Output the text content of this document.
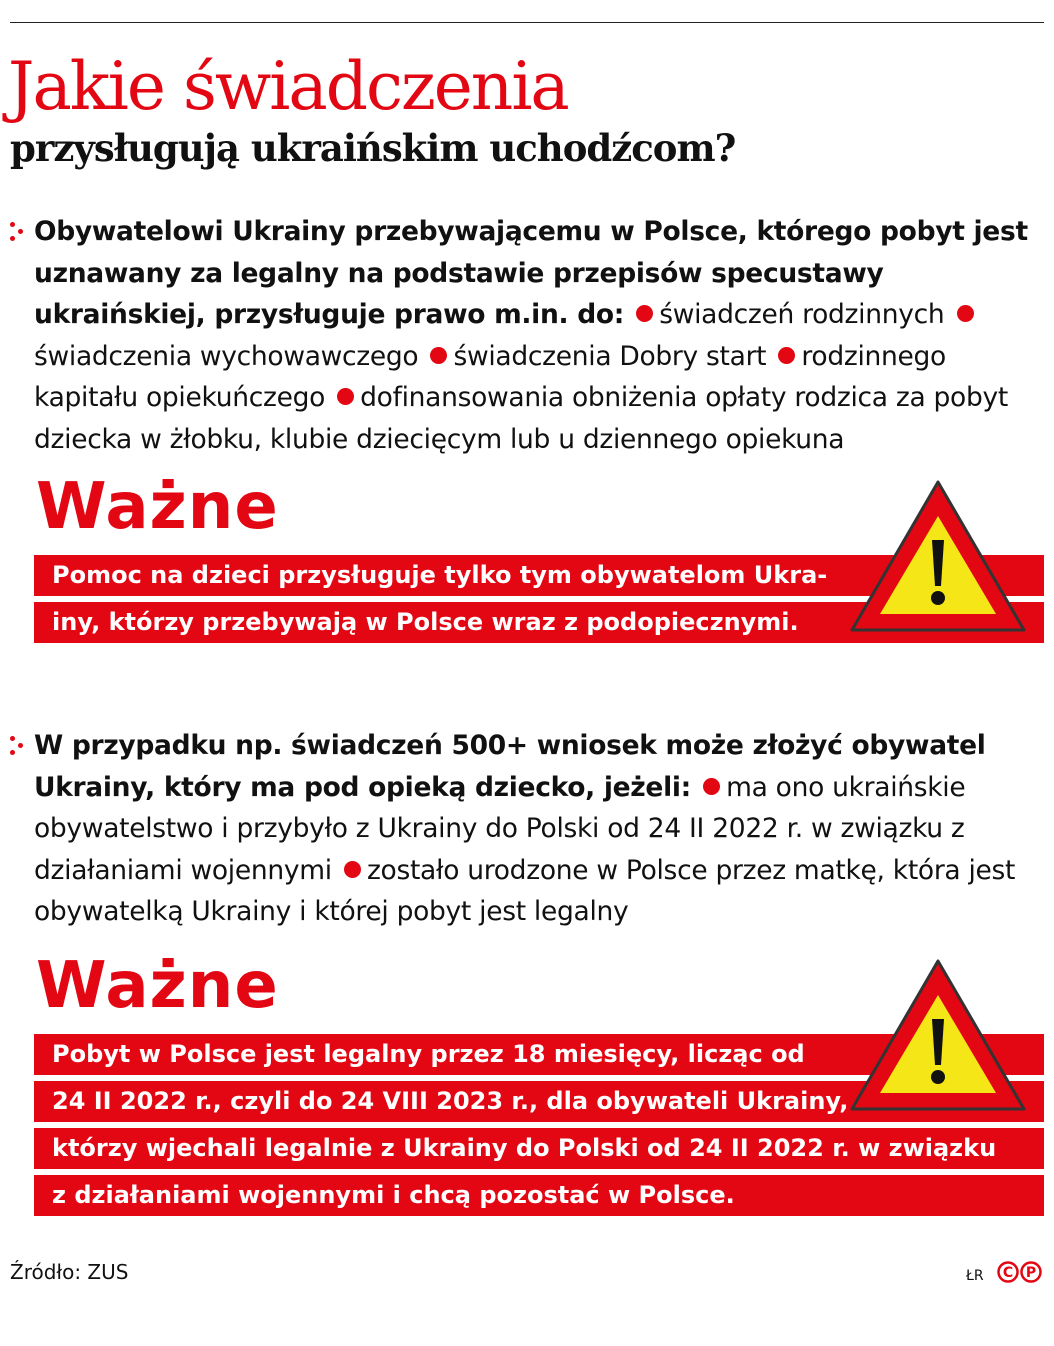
Jakie świadczenia
przysługują ukraińskim uchodźcom?
Obywatelowi Ukrainy przebywającemu w Polsce, którego pobyt jest uznawany za legalny na podstawie przepisów specustawy ukraińskiej, przysługuje prawo m.in. do: świadczeń rodzinnych świadczenia wychowawczego świadczenia Dobry start rodzinnego kapitału opiekuńczego dofinansowania obniżenia opłaty rodzica za pobyt dziecka w żłobku, klubie dziecięcym lub u dziennego opiekuna
Ważne
Pomoc na dzieci przysługuje tylko tym obywatelom Ukra-
iny, którzy przebywają w Polsce wraz z podopiecznymi.
W przypadku np. świadczeń 500+ wniosek może złożyć obywatel Ukrainy, który ma pod opieką dziecko, jeżeli: ma ono ukraińskie obywatelstwo i przybyło z Ukrainy do Polski od 24 II 2022 r. w związku z działaniami wojennymi zostało urodzone w Polsce przez matkę, która jest obywatelką Ukrainy i której pobyt jest legalny
Ważne
Pobyt w Polsce jest legalny przez 18 miesięcy, licząc od
24 II 2022 r., czyli do 24 VIII 2023 r., dla obywateli Ukrainy,
którzy wjechali legalnie z Ukrainy do Polski od 24 II 2022 r. w związku
z działaniami wojennymi i chcą pozostać w Polsce.
Źródło: ZUS	ŁR C P
